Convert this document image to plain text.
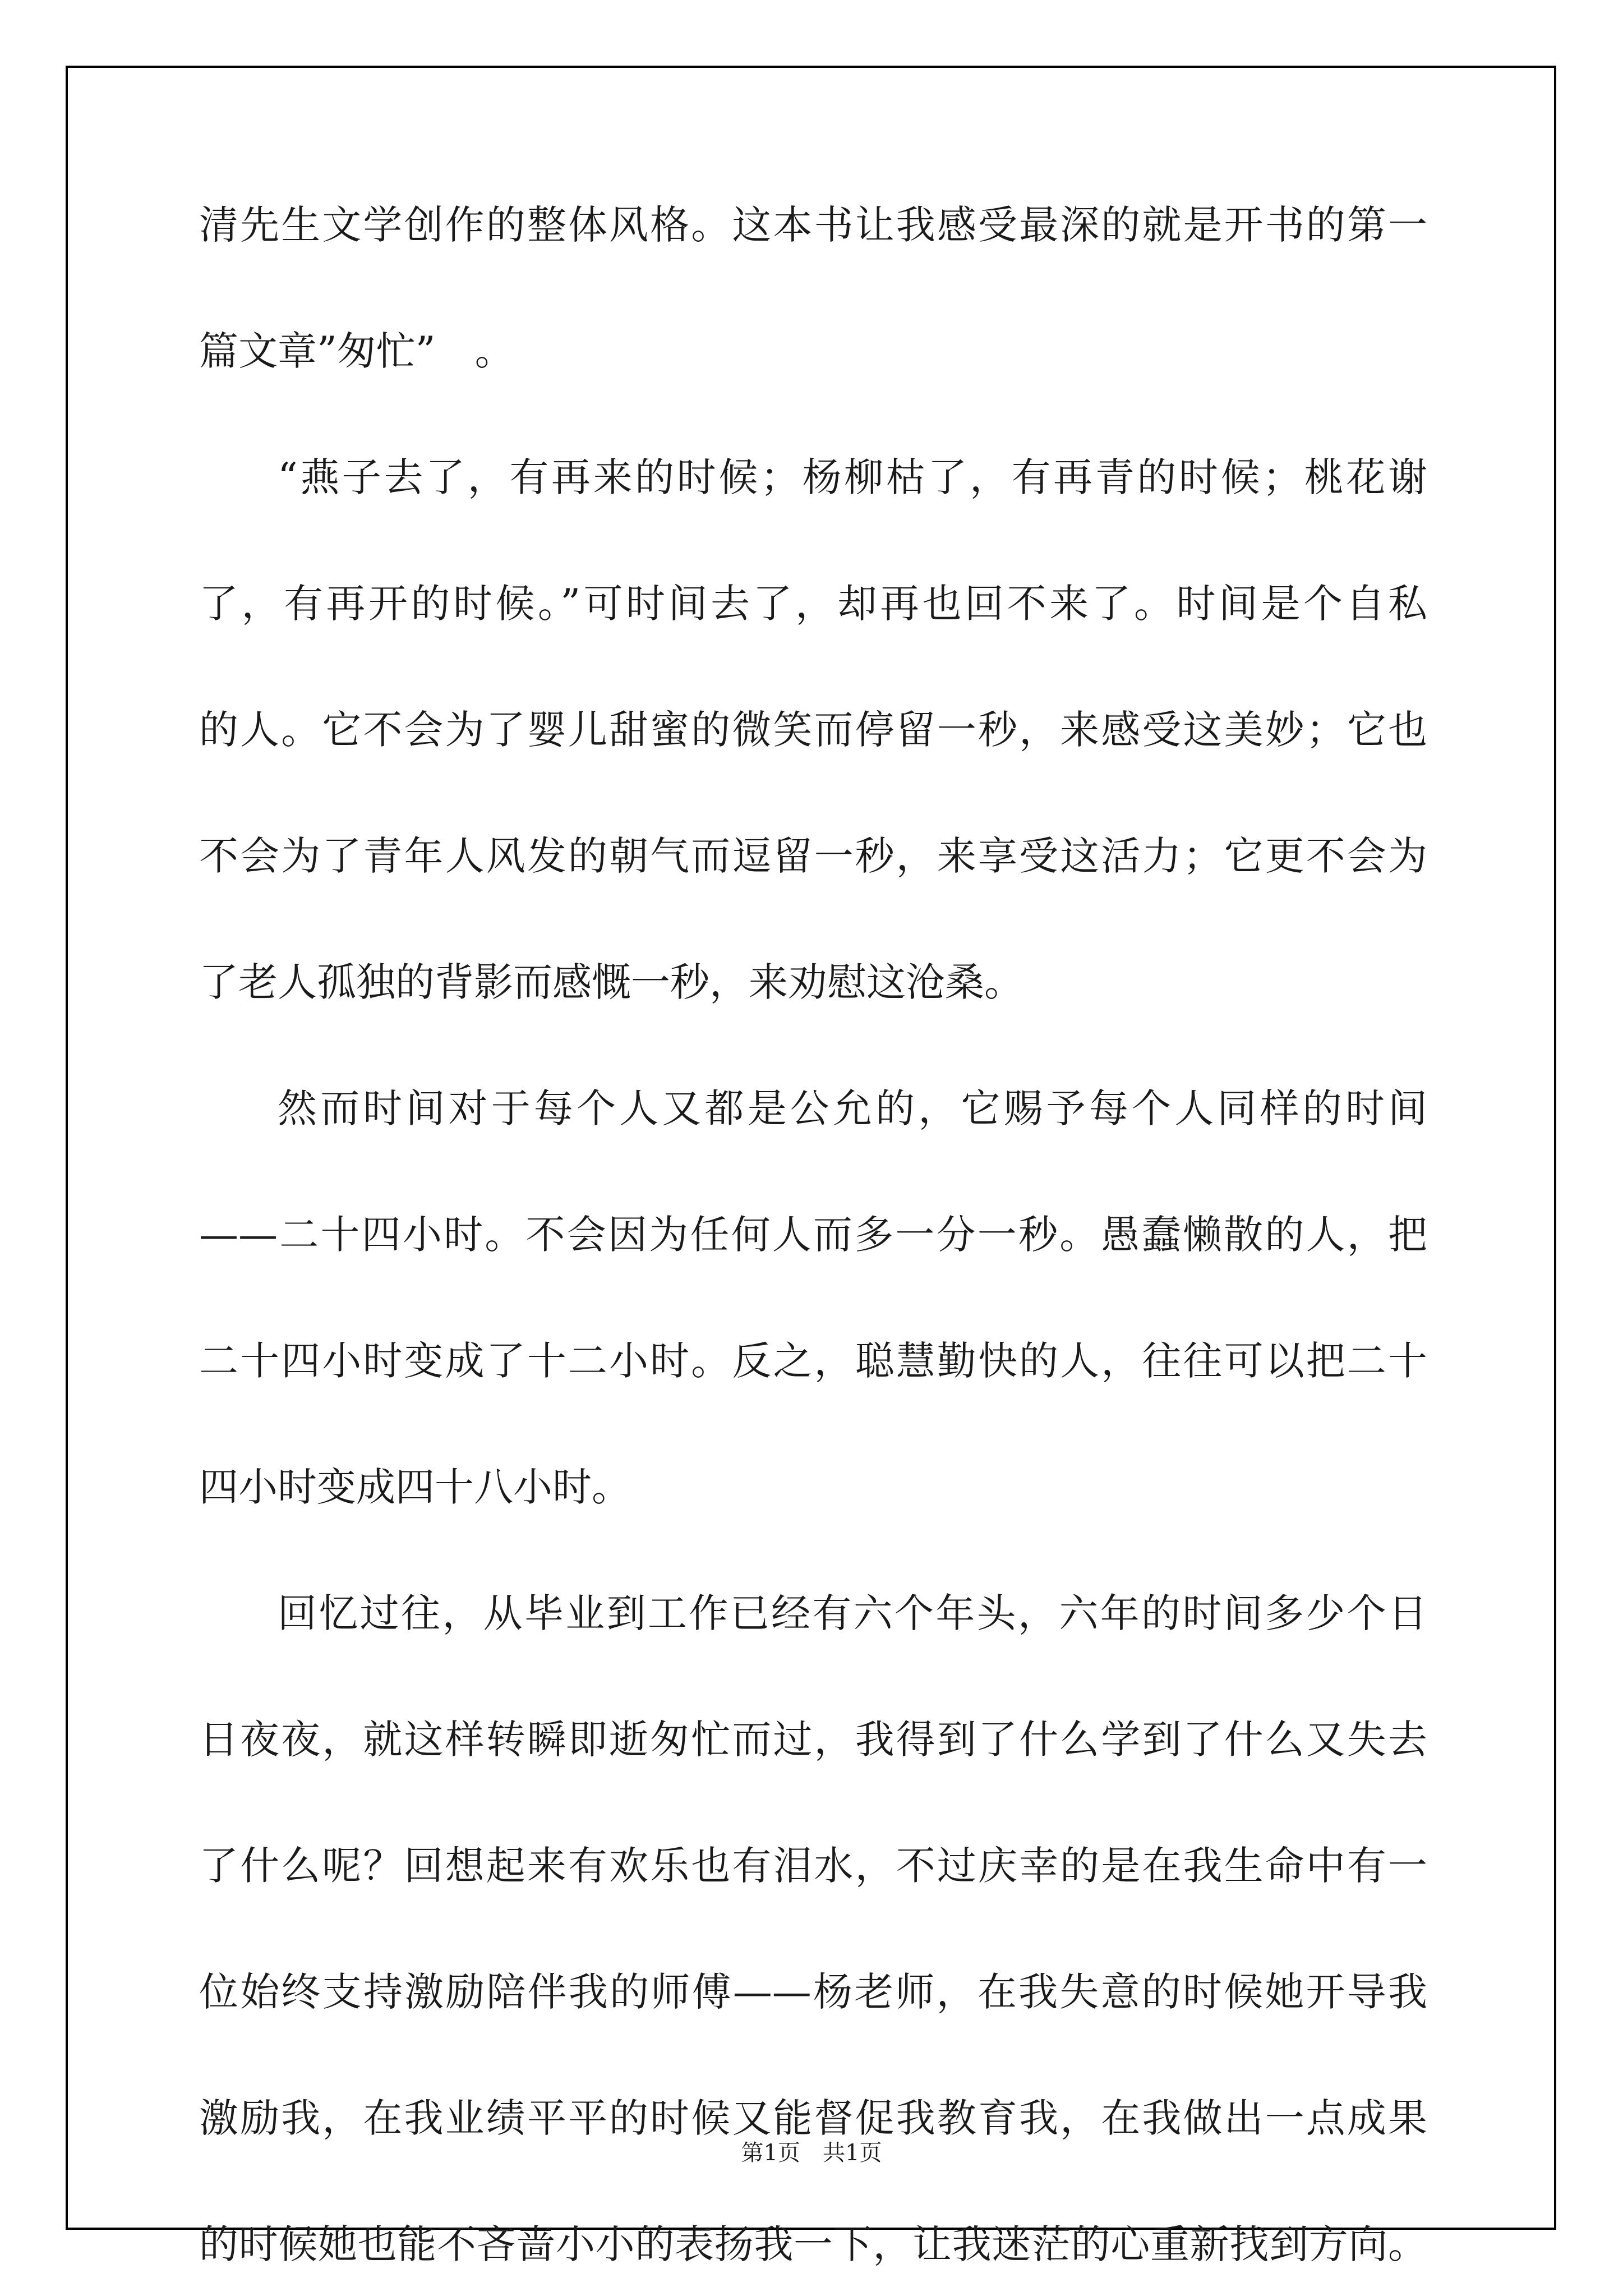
清先生文学创作的整体风格。这本书让我感受最深的就是开书的第一
篇文章”匆忙”　。
“燕子去了，有再来的时候；杨柳枯了，有再青的时候；桃花谢
了，有再开的时候。”可时间去了，却再也回不来了。时间是个自私
的人。它不会为了婴儿甜蜜的微笑而停留一秒，来感受这美妙；它也
不会为了青年人风发的朝气而逗留一秒，来享受这活力；它更不会为
了老人孤独的背影而感慨一秒，来劝慰这沧桑。
然而时间对于每个人又都是公允的，它赐予每个人同样的时间
——二十四小时。不会因为任何人而多一分一秒。愚蠢懒散的人，把
二十四小时变成了十二小时。反之，聪慧勤快的人，往往可以把二十
四小时变成四十八小时。
回忆过往，从毕业到工作已经有六个年头，六年的时间多少个日
日夜夜，就这样转瞬即逝匆忙而过，我得到了什么学到了什么又失去
了什么呢？回想起来有欢乐也有泪水，不过庆幸的是在我生命中有一
位始终支持激励陪伴我的师傅——杨老师，在我失意的时候她开导我
激励我，在我业绩平平的时候又能督促我教育我，在我做出一点成果
的时候她也能不吝啬小小的表扬我一下，让我迷茫的心重新找到方向。
第1页　共1页
